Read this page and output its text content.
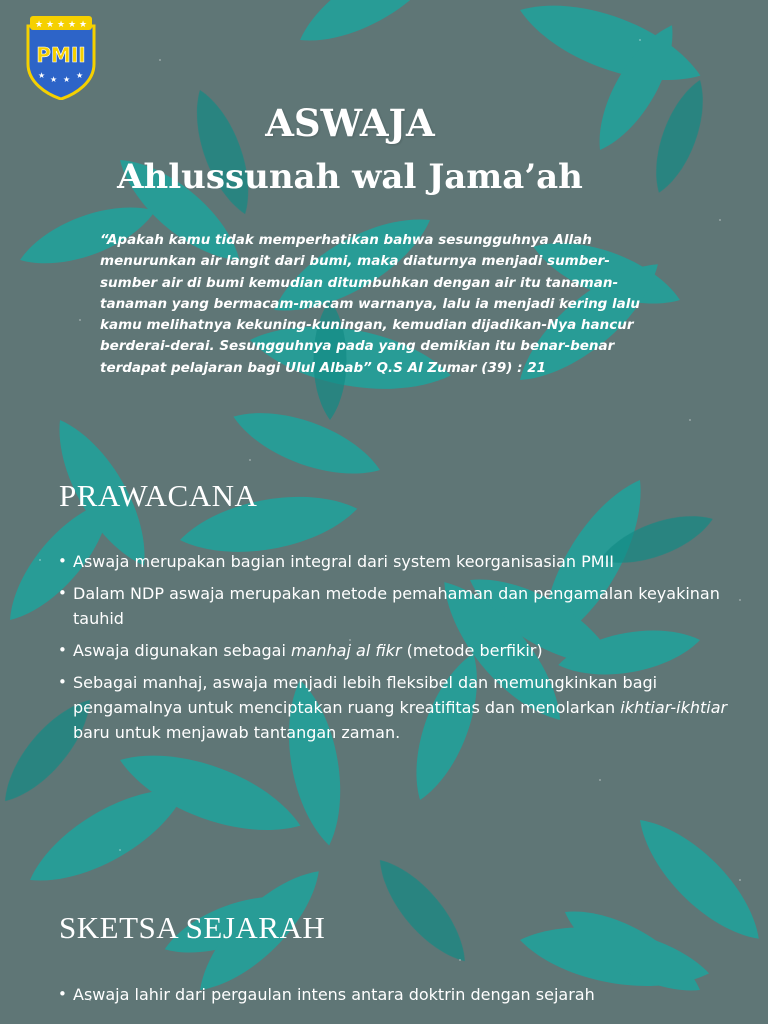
★ ★ ★ ★ ★
PMII
★ ★ ★ ★
ASWAJA
Ahlussunah wal Jama’ah
“Apakah kamu tidak memperhatikan bahwa sesungguhnya Allah menurunkan air langit dari bumi, maka diaturnya menjadi sumber-sumber air di bumi kemudian ditumbuhkan dengan air itu tanaman-tanaman yang bermacam-macam warnanya, lalu ia menjadi kering lalu kamu melihatnya kekuning-kuningan, kemudian dijadikan-Nya hancur berderai-derai. Sesungguhnya pada yang demikian itu benar-benar terdapat pelajaran bagi Ulul Albab” Q.S Al Zumar (39) : 21
PRAWACANA
• Aswaja merupakan bagian integral dari system keorganisasian PMII
• Dalam NDP aswaja merupakan metode pemahaman dan pengamalan keyakinan tauhid
• Aswaja digunakan sebagai manhaj al fikr (metode berfikir)
• Sebagai manhaj, aswaja menjadi lebih fleksibel dan memungkinkan bagi pengamalnya untuk menciptakan ruang kreatifitas dan menolarkan ikhtiar-ikhtiar baru untuk menjawab tantangan zaman.
SKETSA SEJARAH
• Aswaja lahir dari pergaulan intens antara doktrin dengan sejarah
